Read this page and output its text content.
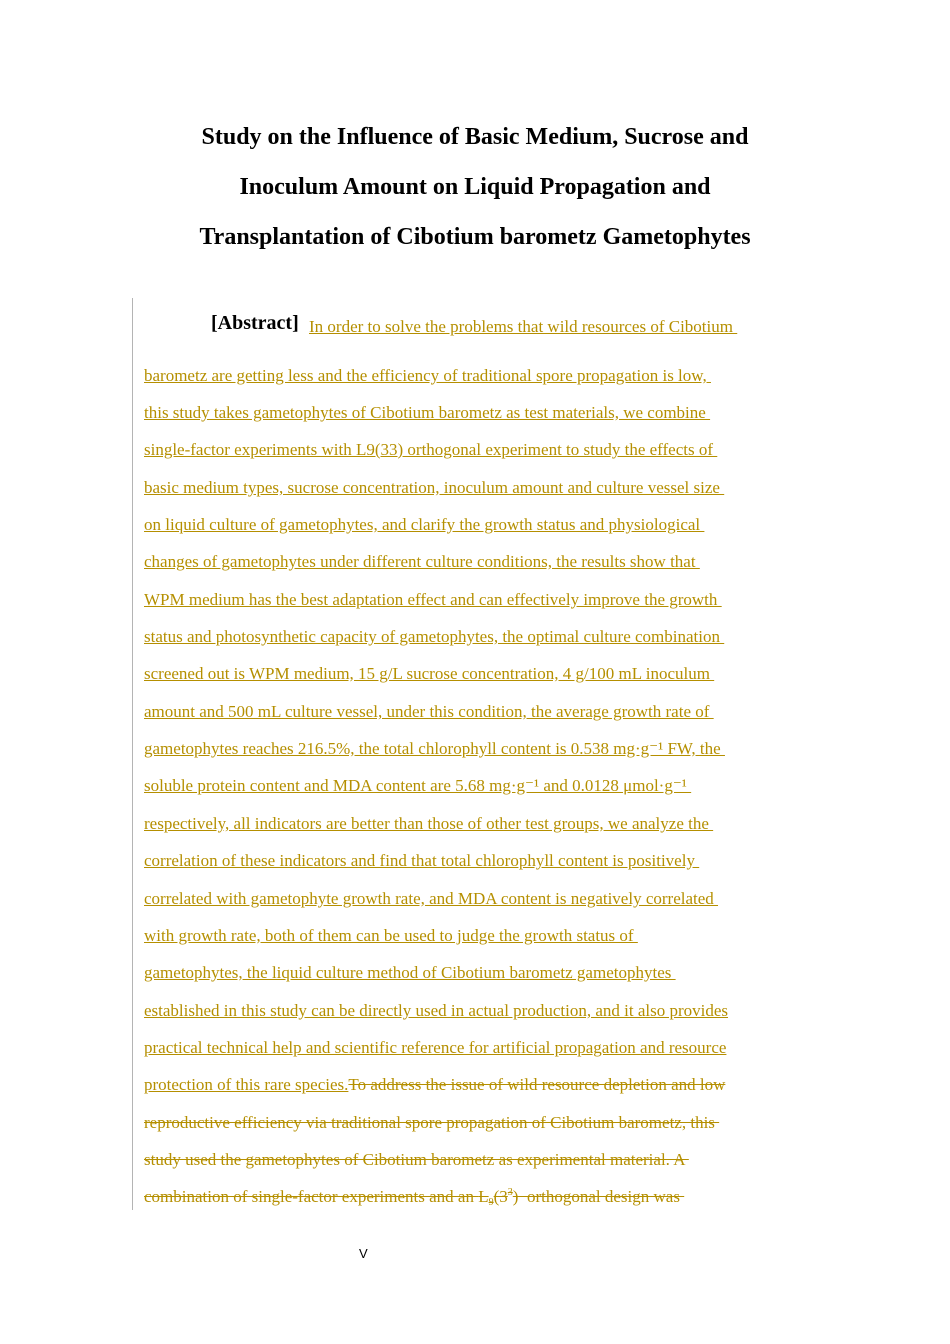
Study on the Influence of Basic Medium, Sucrose and
Inoculum Amount on Liquid Propagation and
Transplantation of Cibotium barometz Gametophytes
[Abstract] In order to solve the problems that wild resources of Cibotium
barometz are getting less and the efficiency of traditional spore propagation is low,
this study takes gametophytes of Cibotium barometz as test materials, we combine
single-factor experiments with L9(33) orthogonal experiment to study the effects of
basic medium types, sucrose concentration, inoculum amount and culture vessel size
on liquid culture of gametophytes, and clarify the growth status and physiological
changes of gametophytes under different culture conditions, the results show that
WPM medium has the best adaptation effect and can effectively improve the growth
status and photosynthetic capacity of gametophytes, the optimal culture combination
screened out is WPM medium, 15 g/L sucrose concentration, 4 g/100 mL inoculum
amount and 500 mL culture vessel, under this condition, the average growth rate of
gametophytes reaches 216.5%, the total chlorophyll content is 0.538 mg·g⁻¹ FW, the
soluble protein content and MDA content are 5.68 mg·g⁻¹ and 0.0128 μmol·g⁻¹
respectively, all indicators are better than those of other test groups, we analyze the
correlation of these indicators and find that total chlorophyll content is positively
correlated with gametophyte growth rate, and MDA content is negatively correlated
with growth rate, both of them can be used to judge the growth status of
gametophytes, the liquid culture method of Cibotium barometz gametophytes
established in this study can be directly used in actual production, and it also provides
practical technical help and scientific reference for artificial propagation and resource
protection of this rare species.To address the issue of wild resource depletion and low
reproductive efficiency via traditional spore propagation of Cibotium barometz, this
study used the gametophytes of Cibotium barometz as experimental material. A
combination of single-factor experiments and an $L_9(3^3)$  orthogonal design was
V
